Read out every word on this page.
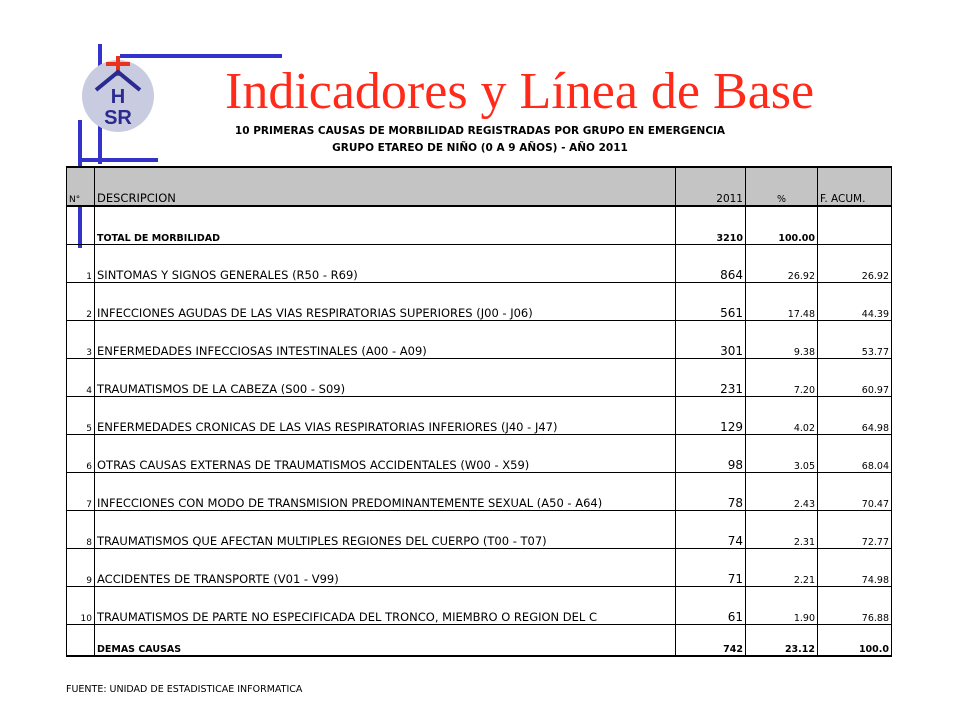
H
SR Indicadores y Línea de Base
10 PRIMERAS CAUSAS DE MORBILIDAD REGISTRADAS POR GRUPO EN EMERGENCIA
GRUPO ETAREO DE NIÑO (0 A 9 AÑOS) - AÑO 2011
N°	DESCRIPCION	2011	%	F. ACUM.
	TOTAL DE MORBILIDAD	3210	100.00	
1	SINTOMAS Y SIGNOS GENERALES (R50 - R69)	864	26.92	26.92
2	INFECCIONES AGUDAS DE LAS VIAS RESPIRATORIAS SUPERIORES (J00 - J06)	561	17.48	44.39
3	ENFERMEDADES INFECCIOSAS INTESTINALES (A00 - A09)	301	9.38	53.77
4	TRAUMATISMOS DE LA CABEZA (S00 - S09)	231	7.20	60.97
5	ENFERMEDADES CRONICAS DE LAS VIAS RESPIRATORIAS INFERIORES (J40 - J47)	129	4.02	64.98
6	OTRAS CAUSAS EXTERNAS DE TRAUMATISMOS ACCIDENTALES (W00 - X59)	98	3.05	68.04
7	INFECCIONES CON MODO DE TRANSMISION PREDOMINANTEMENTE SEXUAL (A50 - A64)	78	2.43	70.47
8	TRAUMATISMOS QUE AFECTAN MULTIPLES REGIONES DEL CUERPO (T00 - T07)	74	2.31	72.77
9	ACCIDENTES DE TRANSPORTE (V01 - V99)	71	2.21	74.98
10	TRAUMATISMOS DE PARTE NO ESPECIFICADA DEL TRONCO, MIEMBRO O REGION DEL C	61	1.90	76.88
	DEMAS CAUSAS	742	23.12	100.0
FUENTE: UNIDAD DE ESTADISTICAE INFORMATICA
